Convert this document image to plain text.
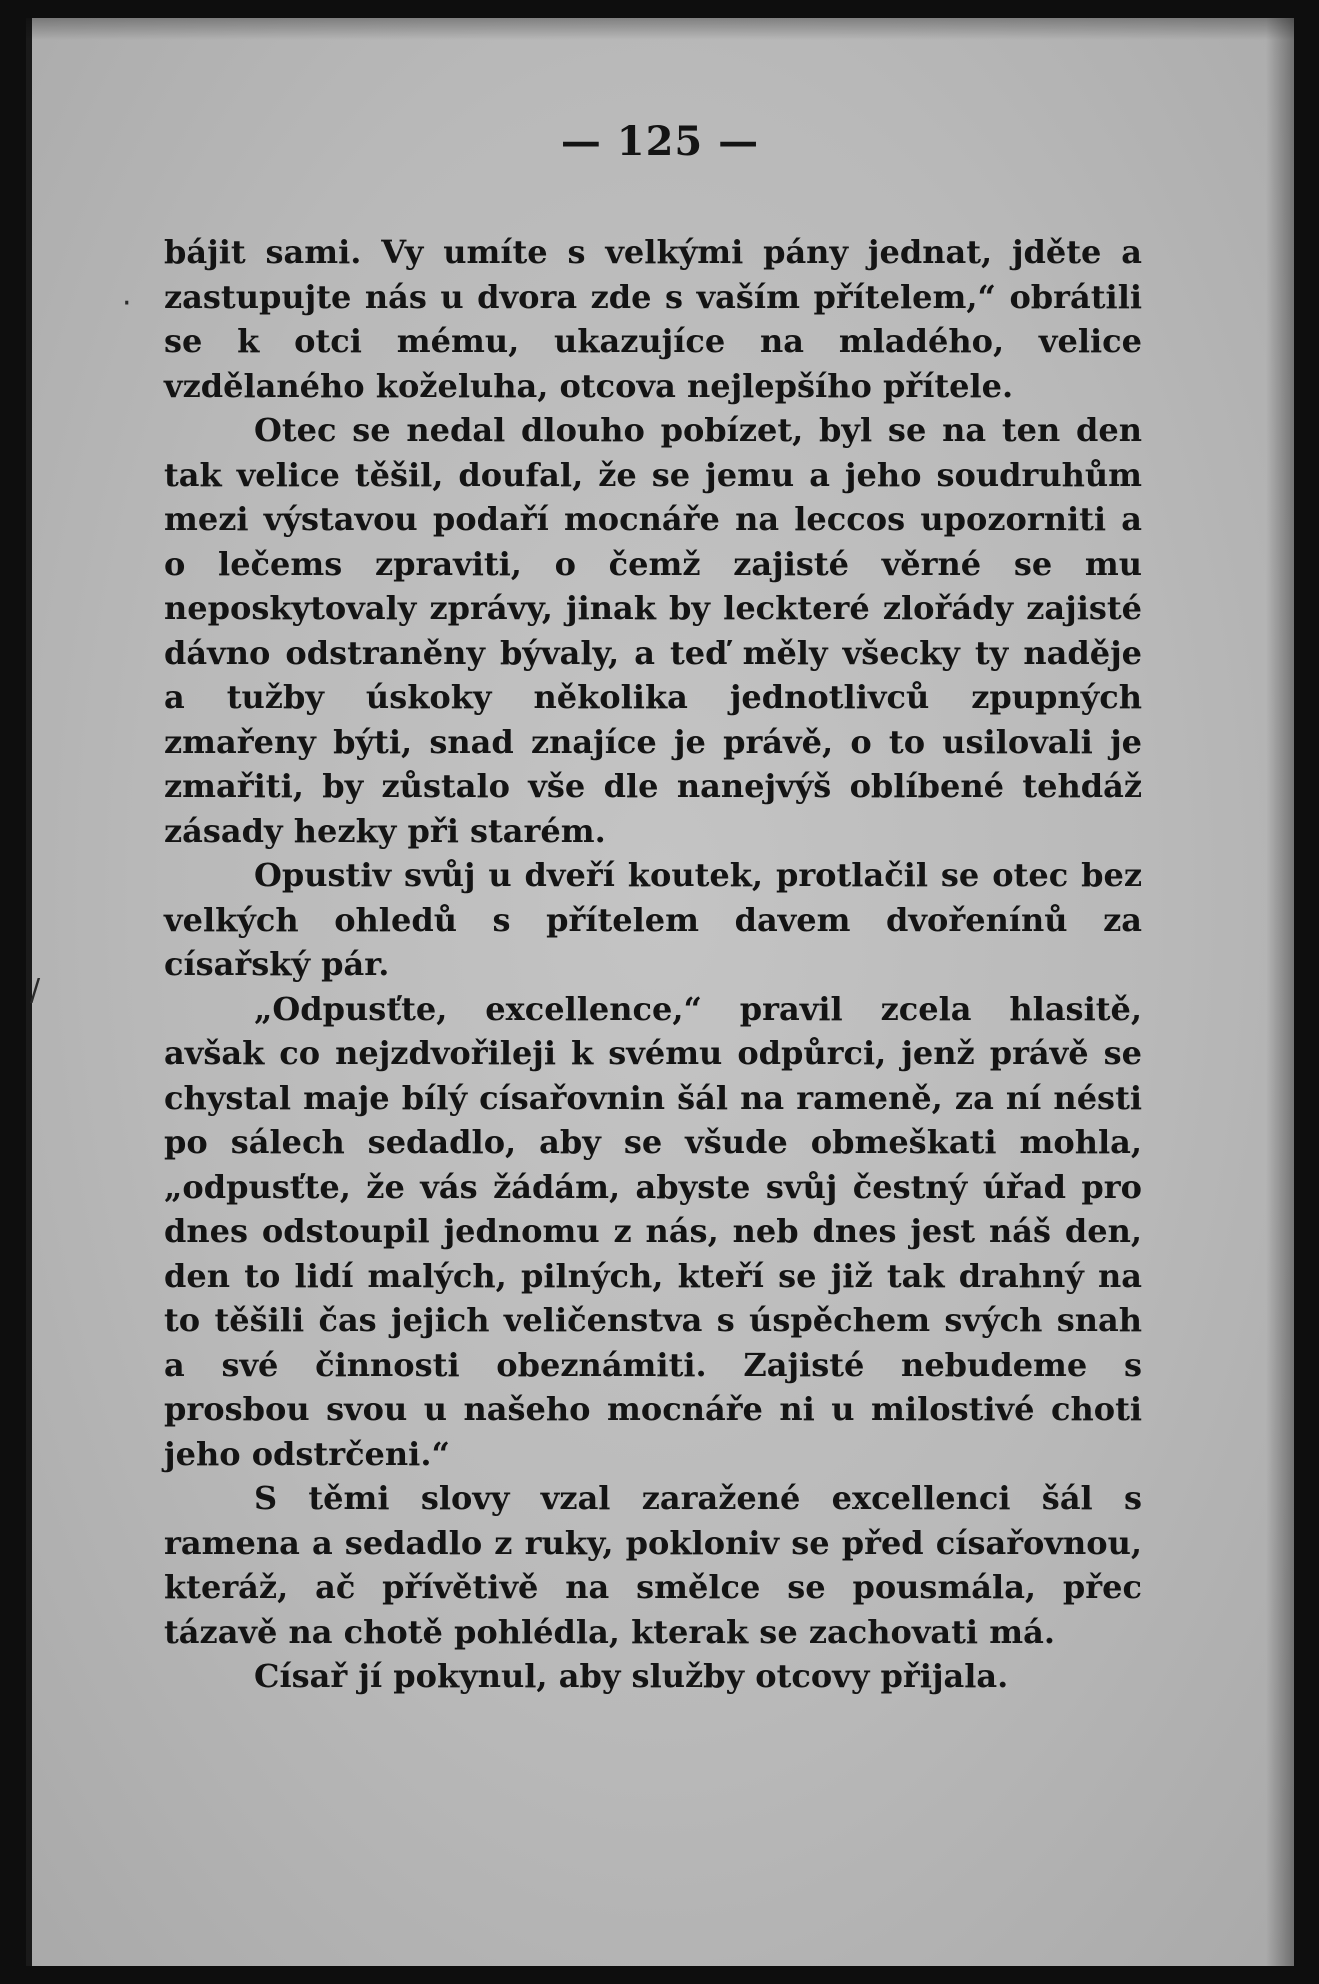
— 125 —
·
/

bájit sami. Vy umíte s velkými pány jednat, jděte a zastupujte nás u dvora zde s vaším přítelem,“ obrátili se k otci mému, ukazujíce na mladého, velice vzdělaného koželuha, otcova nejlepšího přítele.

Otec se nedal dlouho pobízet, byl se na ten den tak velice těšil, doufal, že se jemu a jeho soudruhům mezi výstavou podaří mocnáře na leccos upozorniti a o lečems zpraviti, o čemž zajisté věrné se mu neposkytovaly zprávy, jinak by leckteré zlořády zajisté dávno odstraněny bývaly, a teď měly všecky ty naděje a tužby úskoky několika jednotlivců zpupných zmařeny býti, snad znajíce je právě, o to usilovali je zmařiti, by zůstalo vše dle nanejvýš oblíbené tehdáž zásady hezky při starém.

Opustiv svůj u dveří koutek, protlačil se otec bez velkých ohledů s přítelem davem dvořenínů za císařský pár.

„Odpusťte, excellence,“ pravil zcela hlasitě, avšak co nejzdvořileji k svému odpůrci, jenž právě se chystal maje bílý císařovnin šál na rameně, za ní nésti po sálech sedadlo, aby se všude obmeškati mohla, „odpusťte, že vás žádám, abyste svůj čestný úřad pro dnes odstoupil jednomu z nás, neb dnes jest náš den, den to lidí malých, pilných, kteří se již tak drahný na to těšili čas jejich veličenstva s úspěchem svých snah a své činnosti obeznámiti. Zajisté nebudeme s prosbou svou u našeho mocnáře ni u milostivé choti jeho odstrčeni.“

S těmi slovy vzal zaražené excellenci šál s ramena a sedadlo z ruky, pokloniv se před císařovnou, kteráž, ač přívětivě na smělce se pousmála, přec tázavě na chotě pohlédla, kterak se zachovati má.

Císař jí pokynul, aby služby otcovy přijala.
